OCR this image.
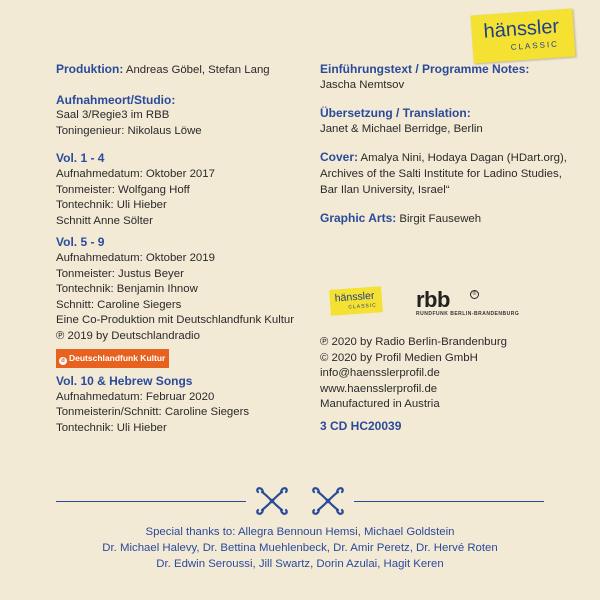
hänssler
CLASSIC
Produktion: Andreas Göbel, Stefan Lang
Aufnahmeort/Studio:
Saal 3/Regie3 im RBB
Toningenieur: Nikolaus Löwe
Vol. 1 - 4
Aufnahmedatum: Oktober 2017
Tonmeister: Wolfgang Hoff
Tontechnik: Uli Hieber
Schnitt Anne Sölter
Vol. 5 - 9
Aufnahmedatum: Oktober 2019
Tonmeister: Justus Beyer
Tontechnik: Benjamin Ihnow
Schnitt: Caroline Siegers
Eine Co-Produktion mit Deutschlandfunk Kultur
℗ 2019 by Deutschlandradio
d Deutschlandfunk Kultur
Vol. 10 & Hebrew Songs
Aufnahmedatum: Februar 2020
Tonmeisterin/Schnitt: Caroline Siegers
Tontechnik: Uli Hieber
Einführungstext / Programme Notes:
Jascha Nemtsov
Übersetzung / Translation:
Janet & Michael Berridge, Berlin
Cover: Amalya Nini, Hodaya Dagan (HDart.org),
Archives of the Salti Institute for Ladino Studies,
Bar Ilan University, Israel“
Graphic Arts: Birgit Fauseweh
hänssler
CLASSIC rbb	®
RUNDFUNK BERLIN-BRANDENBURG
℗ 2020 by Radio Berlin-Brandenburg
© 2020 by Profil Medien GmbH
info@haensslerprofil.de
www.haensslerprofil.de
Manufactured in Austria
3 CD HC20039
Special thanks to: Allegra Bennoun Hemsi, Michael Goldstein
Dr. Michael Halevy, Dr. Bettina Muehlenbeck, Dr. Amir Peretz, Dr. Hervé Roten
Dr. Edwin Seroussi, Jill Swartz, Dorin Azulai, Hagit Keren
